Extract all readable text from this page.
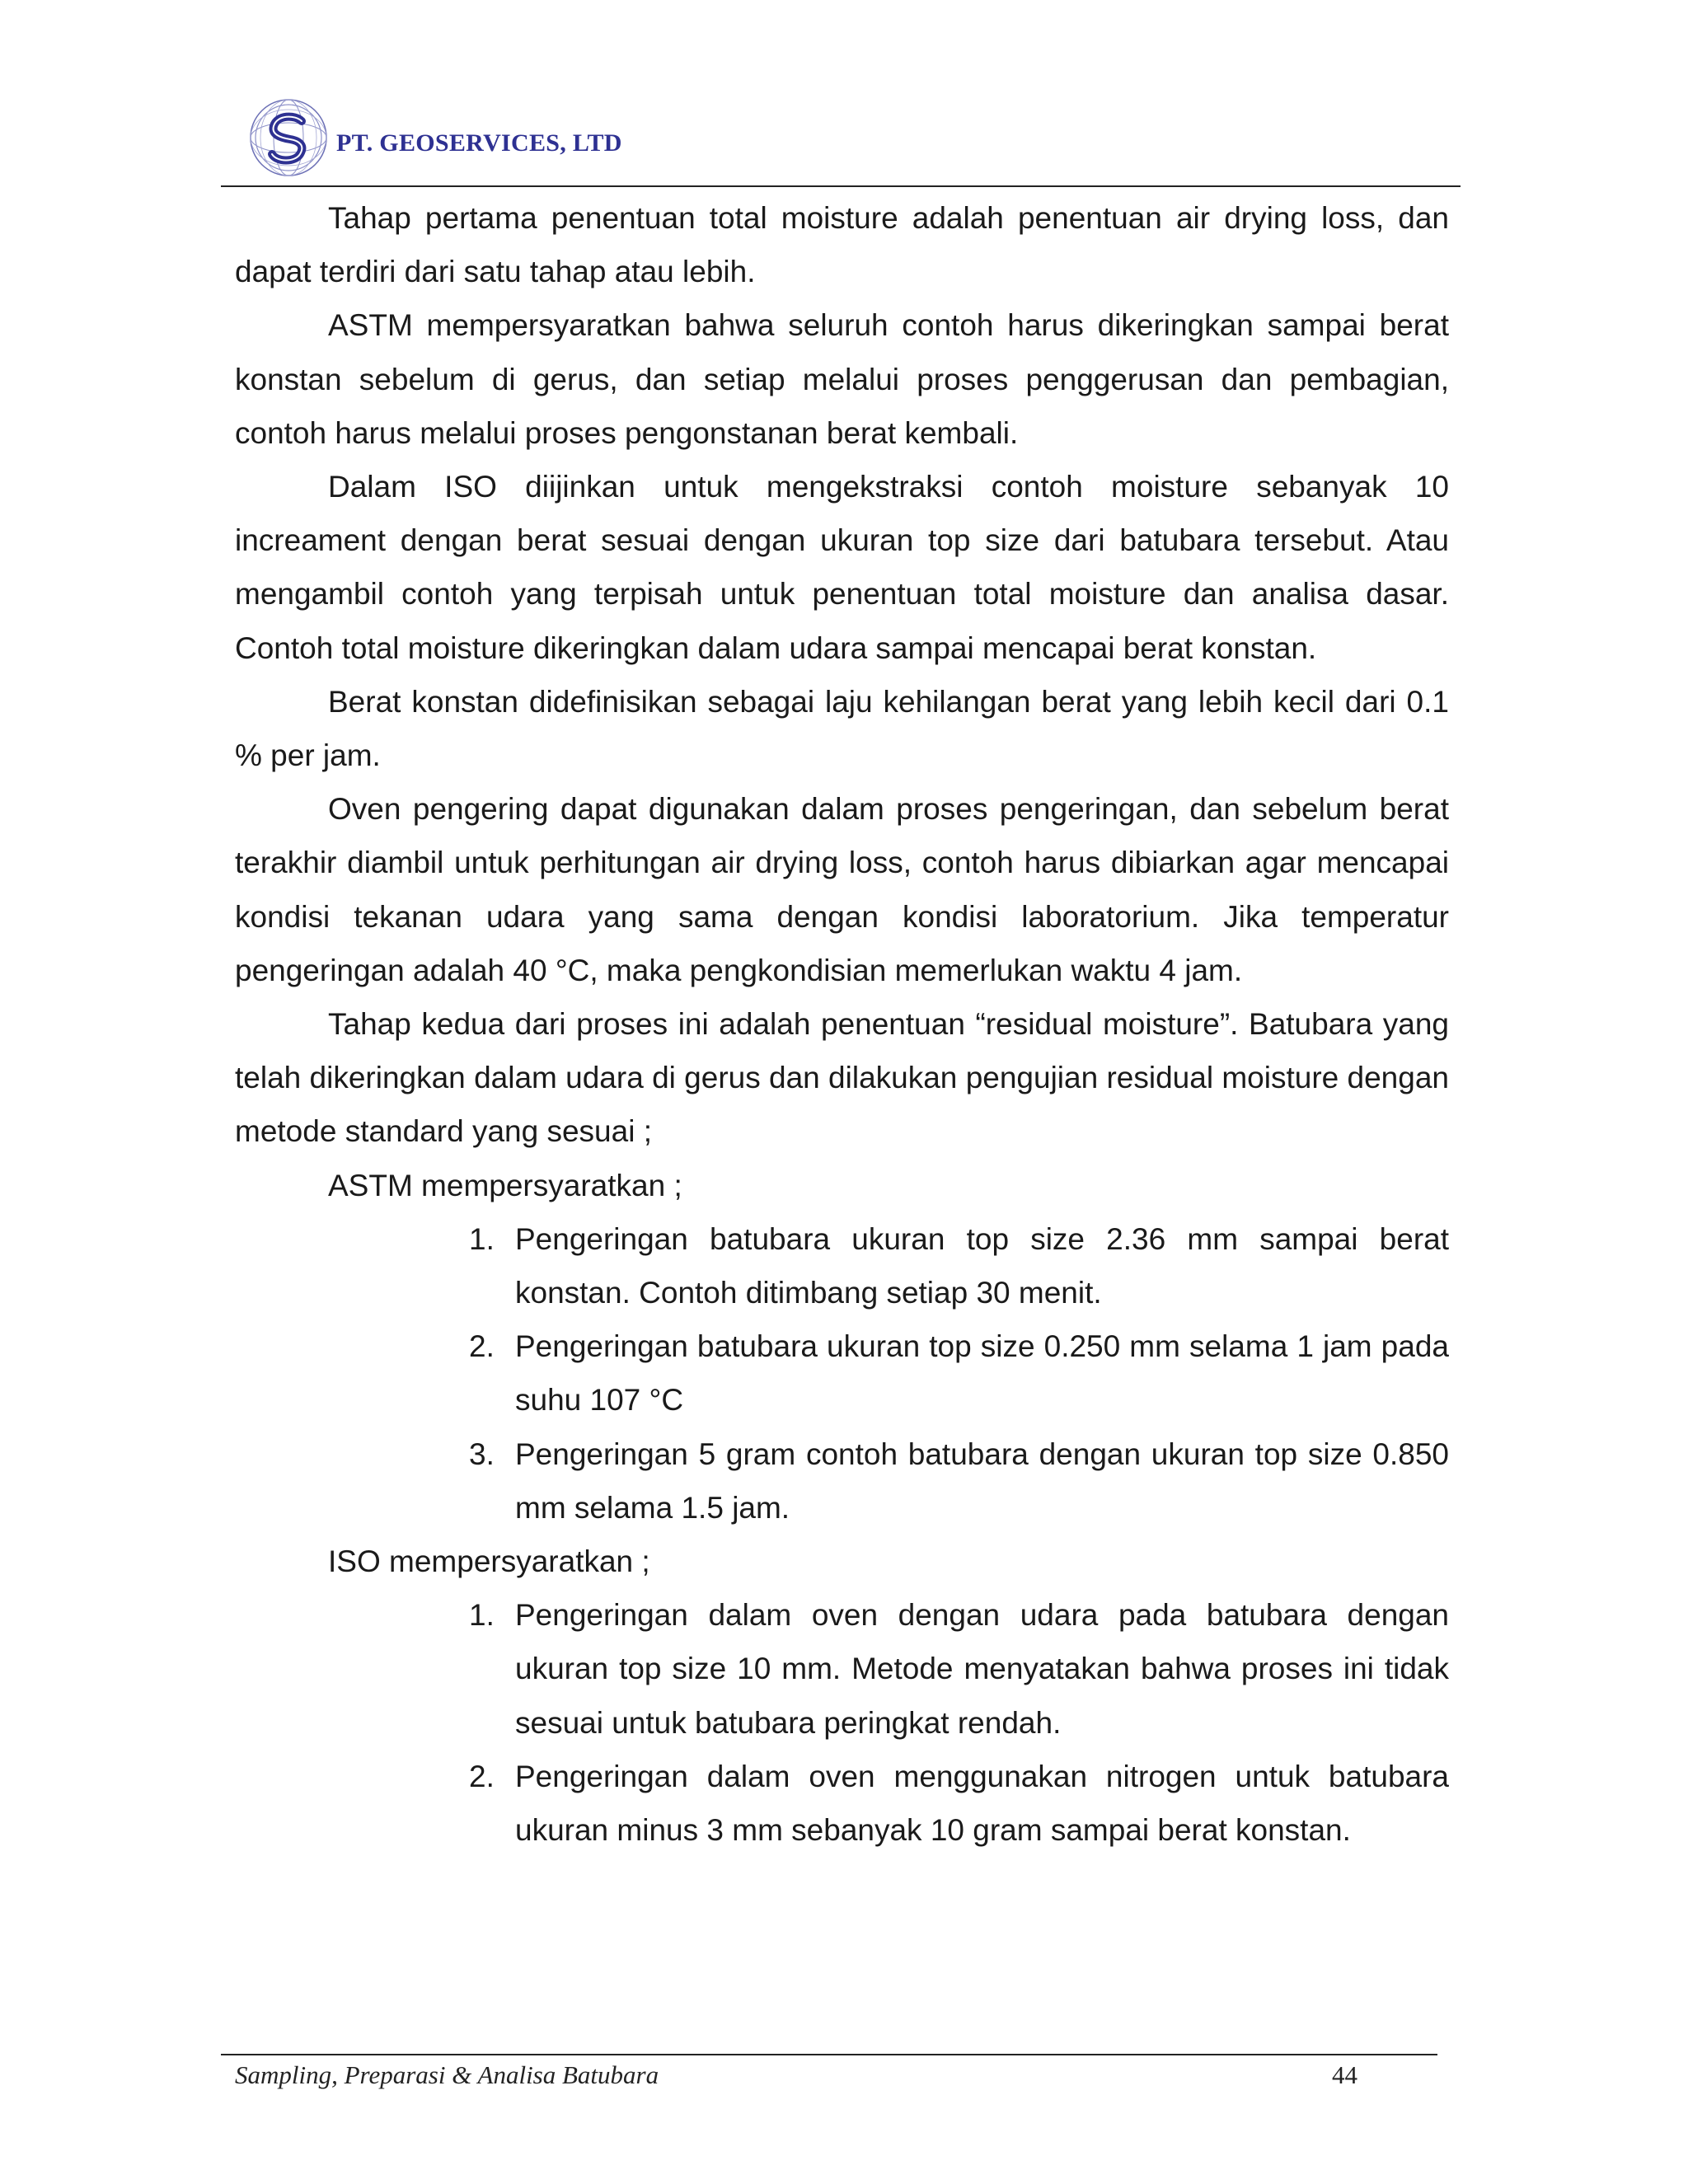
PT. GEOSERVICES, LTD

Tahap pertama penentuan total moisture adalah penentuan air drying loss, dan dapat terdiri dari satu tahap atau lebih.

ASTM mempersyaratkan bahwa seluruh contoh harus dikeringkan sampai berat konstan sebelum di gerus, dan setiap melalui proses penggerusan dan pembagian, contoh harus melalui proses pengonstanan berat kembali.

Dalam ISO diijinkan untuk mengekstraksi contoh moisture sebanyak 10 increament dengan berat sesuai dengan ukuran top size dari batubara tersebut. Atau mengambil contoh yang terpisah untuk penentuan total moisture dan analisa dasar. Contoh total moisture dikeringkan dalam udara sampai mencapai berat konstan.

Berat konstan didefinisikan sebagai laju kehilangan berat yang lebih kecil dari 0.1 % per jam.

Oven pengering dapat digunakan dalam proses pengeringan, dan sebelum berat terakhir diambil untuk perhitungan air drying loss, contoh harus dibiarkan agar mencapai kondisi tekanan udara yang sama dengan kondisi laboratorium. Jika temperatur pengeringan adalah 40 °C, maka pengkondisian memerlukan waktu 4 jam.

Tahap kedua dari proses ini adalah penentuan “residual moisture”. Batubara yang telah dikeringkan dalam udara di gerus dan dilakukan pengujian residual moisture dengan metode standard yang sesuai ;

ASTM mempersyaratkan ;

1. Pengeringan batubara ukuran top size 2.36 mm sampai berat konstan. Contoh ditimbang setiap 30 menit.
2. Pengeringan batubara ukuran top size 0.250 mm selama 1 jam pada suhu 107 °C
3. Pengeringan 5 gram contoh batubara dengan ukuran top size 0.850 mm selama 1.5 jam.

ISO mempersyaratkan ;

1. Pengeringan dalam oven dengan udara pada batubara dengan ukuran top size 10 mm. Metode menyatakan bahwa proses ini tidak sesuai untuk batubara peringkat rendah.
2. Pengeringan dalam oven menggunakan nitrogen untuk batubara ukuran minus 3 mm sebanyak 10 gram sampai berat konstan.
Sampling, Preparasi & Analisa Batubara	44
